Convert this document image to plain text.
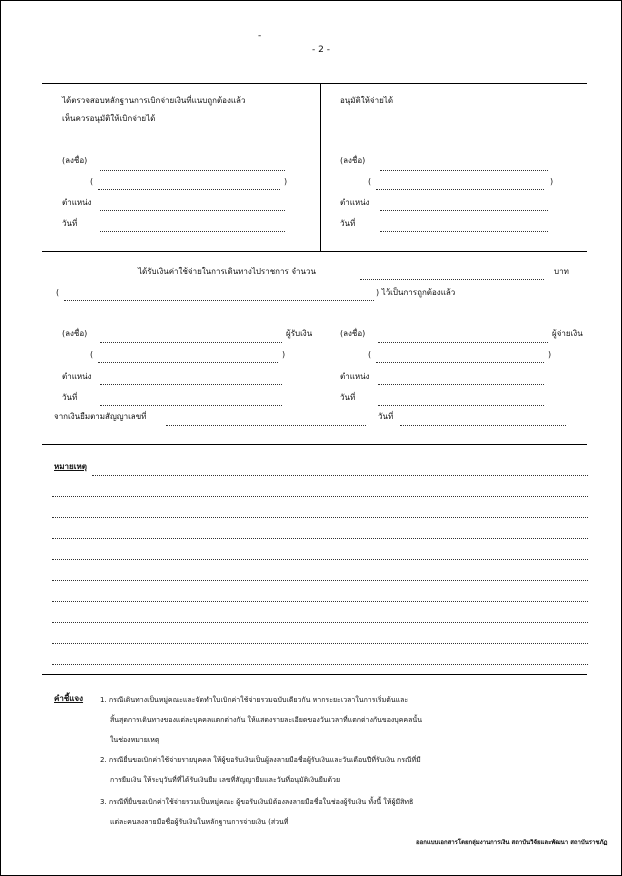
-
- 2 -
ได้ตรวจสอบหลักฐานการเบิกจ่ายเงินที่แนบถูกต้องแล้ว
เห็นควรอนุมัติให้เบิกจ่ายได้
(ลงชื่อ)
(	)
ตำแหน่ง
วันที่
อนุมัติให้จ่ายได้
(ลงชื่อ)
(	)
ตำแหน่ง
วันที่
ได้รับเงินค่าใช้จ่ายในการเดินทางไปราชการ จำนวน	บาท
(	) ไว้เป็นการถูกต้องแล้ว
(ลงชื่อ)	ผู้รับเงิน
(	)
ตำแหน่ง
วันที่
(ลงชื่อ)	ผู้จ่ายเงิน
(	)
ตำแหน่ง
วันที่
จากเงินยืมตามสัญญาเลขที่	วันที่
หมายเหตุ
คำชี้แจง 1. กรณีเดินทางเป็นหมู่คณะและจัดทำใบเบิกค่าใช้จ่ายรวมฉบับเดียวกัน หากระยะเวลาในการเริ่มต้นและ
สิ้นสุดการเดินทางของแต่ละบุคคลแตกต่างกัน ให้แสดงรายละเอียดของวันเวลาที่แตกต่างกันของบุคคลนั้น
ในช่องหมายเหตุ
2. กรณียื่นขอเบิกค่าใช้จ่ายรายบุคคล ให้ผู้ขอรับเงินเป็นผู้ลงลายมือชื่อผู้รับเงินและวันเดือนปีที่รับเงิน กรณีที่มี
การยืมเงิน ให้ระบุวันที่ที่ได้รับเงินยืม เลขที่สัญญายืมและวันที่อนุมัติเงินยืมด้วย
3. กรณีที่ยื่นขอเบิกค่าใช้จ่ายรวมเป็นหมู่คณะ ผู้ขอรับเงินมิต้องลงลายมือชื่อในช่องผู้รับเงิน ทั้งนี้ ให้ผู้มีสิทธิ
แต่ละคนลงลายมือชื่อผู้รับเงินในหลักฐานการจ่ายเงิน (ส่วนที่
ออกแบบเอกสารโดยกลุ่มงานการเงิน สถาบันวิจัยและพัฒนา สถาบันราชภัฏ
